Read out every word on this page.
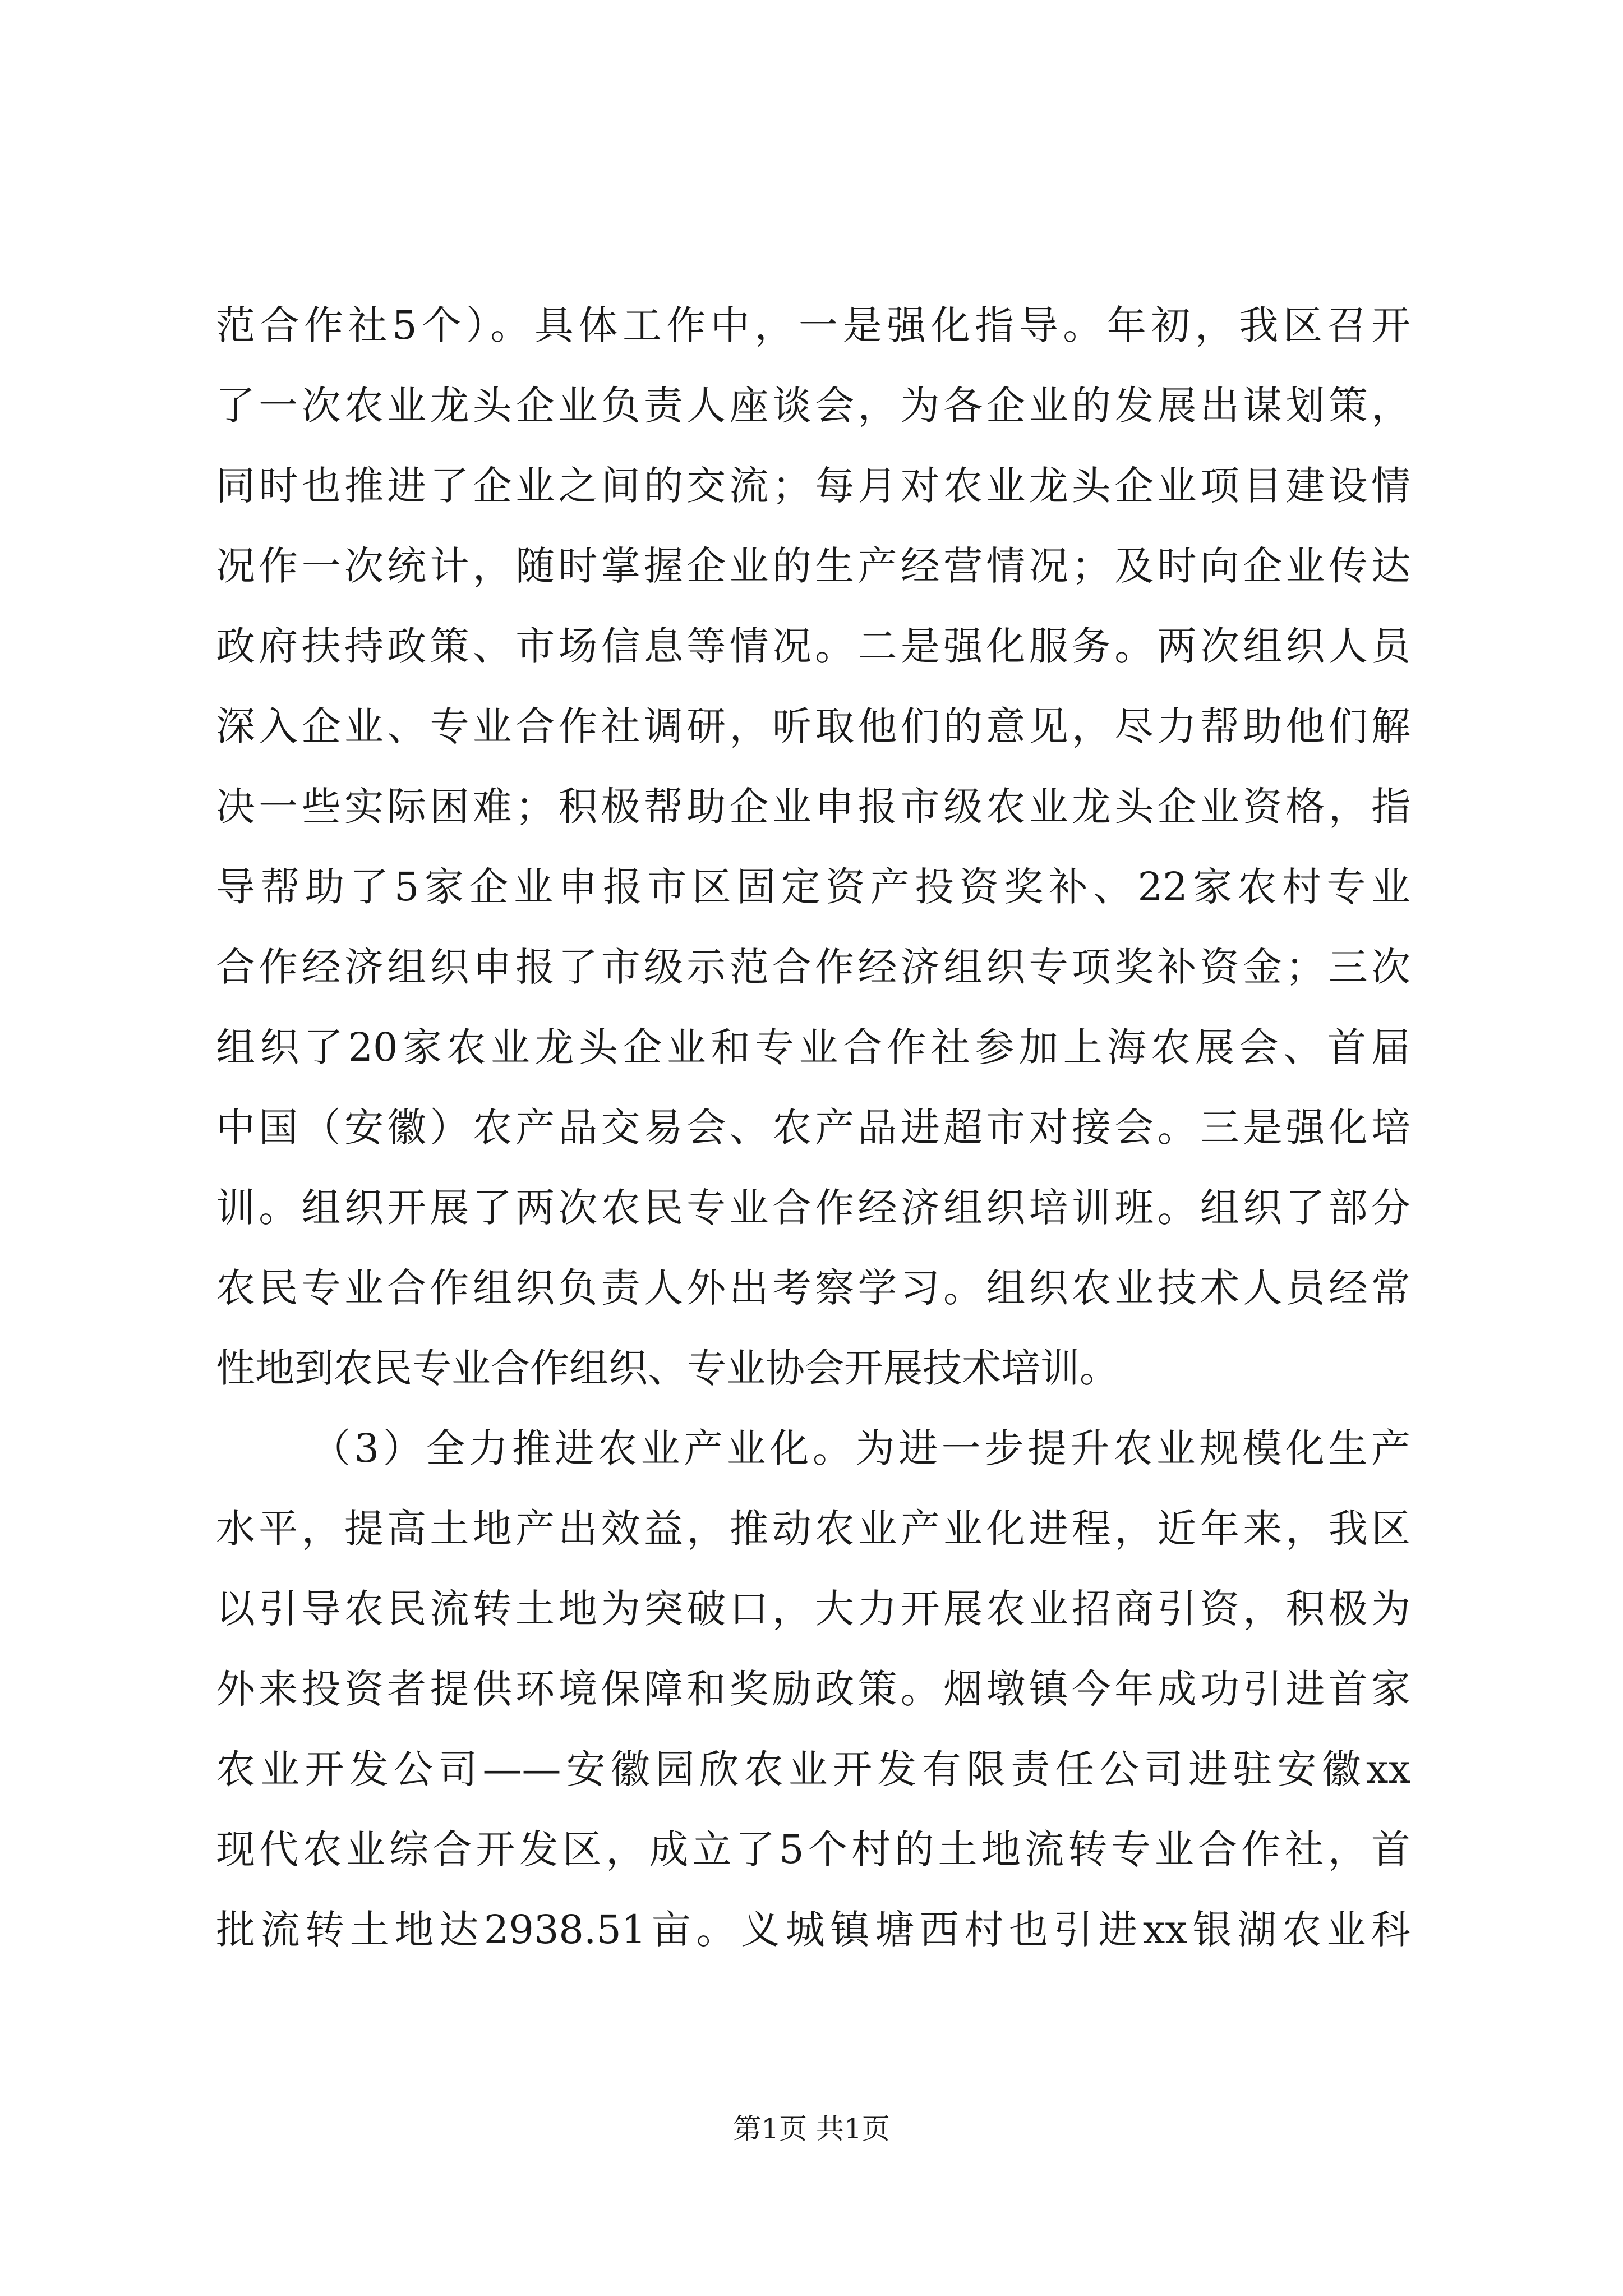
范合作社5个）。具体工作中，一是强化指导。年初，我区召开
了一次农业龙头企业负责人座谈会，为各企业的发展出谋划策，
同时也推进了企业之间的交流；每月对农业龙头企业项目建设情
况作一次统计，随时掌握企业的生产经营情况；及时向企业传达
政府扶持政策、市场信息等情况。二是强化服务。两次组织人员
深入企业、专业合作社调研，听取他们的意见，尽力帮助他们解
决一些实际困难；积极帮助企业申报市级农业龙头企业资格，指
导帮助了5家企业申报市区固定资产投资奖补、22家农村专业
合作经济组织申报了市级示范合作经济组织专项奖补资金；三次
组织了20家农业龙头企业和专业合作社参加上海农展会、首届
中国（安徽）农产品交易会、农产品进超市对接会。三是强化培
训。组织开展了两次农民专业合作经济组织培训班。组织了部分
农民专业合作组织负责人外出考察学习。组织农业技术人员经常
性地到农民专业合作组织、专业协会开展技术培训。
（3）全力推进农业产业化。为进一步提升农业规模化生产
水平，提高土地产出效益，推动农业产业化进程，近年来，我区
以引导农民流转土地为突破口，大力开展农业招商引资，积极为
外来投资者提供环境保障和奖励政策。烟墩镇今年成功引进首家
农业开发公司——安徽园欣农业开发有限责任公司进驻安徽xx
现代农业综合开发区，成立了5个村的土地流转专业合作社，首
批流转土地达2938.51亩。义城镇塘西村也引进xx银湖农业科
第1页 共1页
